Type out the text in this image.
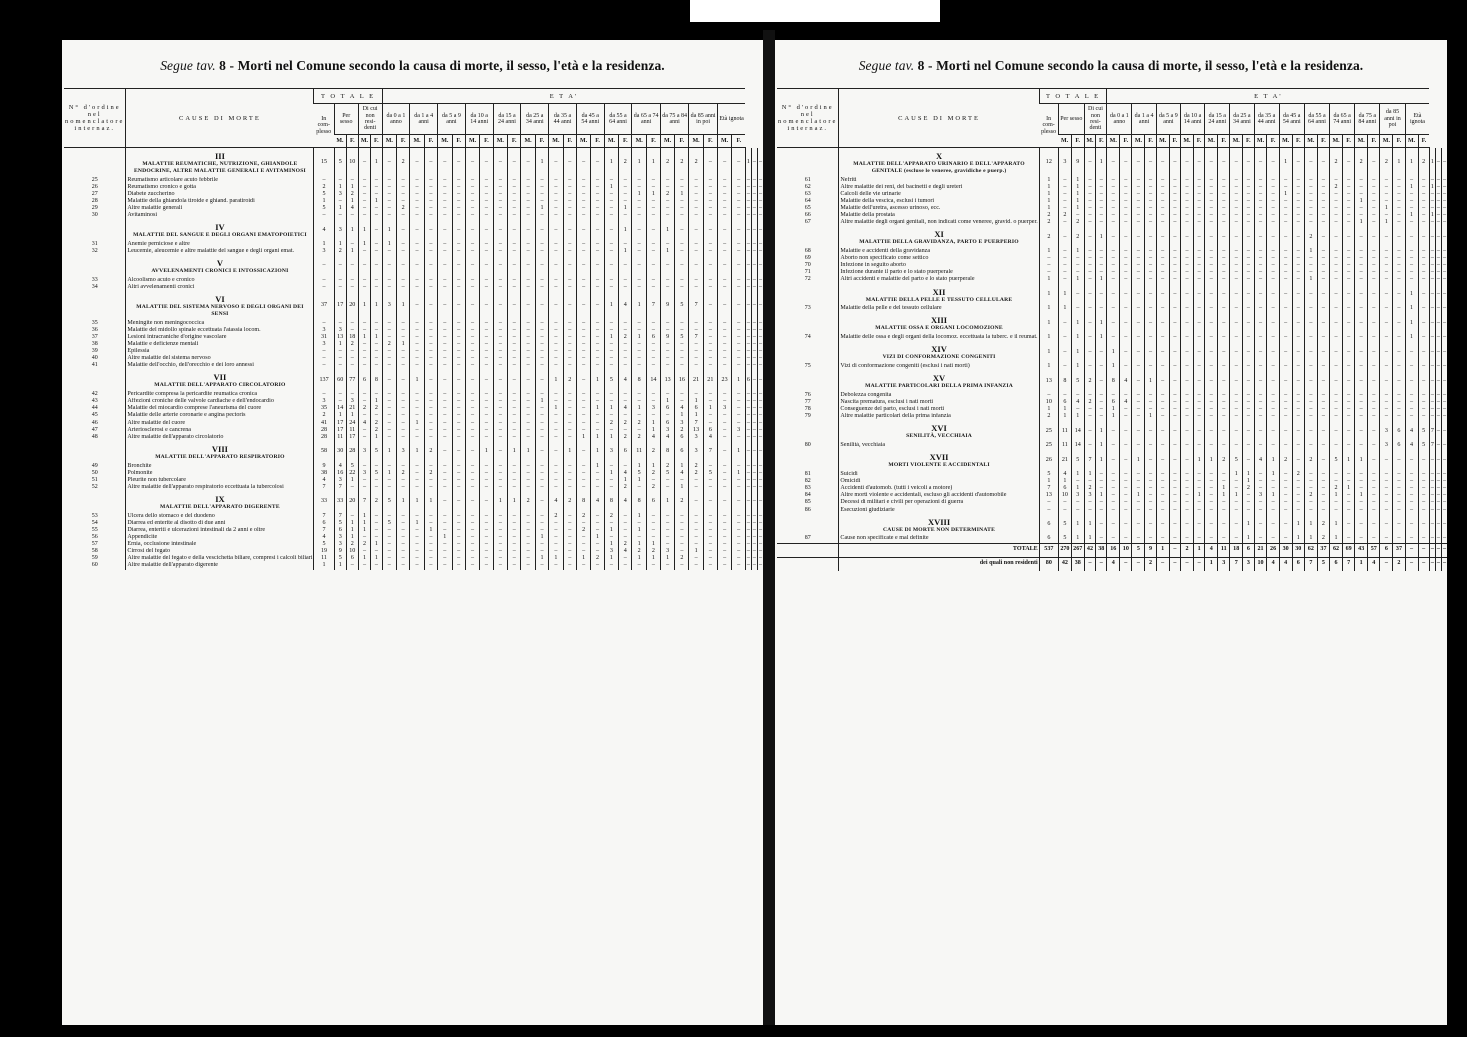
Segue tav. 8 - Morti nel Comune secondo la causa di morte, il sesso, l'età e la residenza.
N° d'ordine nel nomenclatore internaz.	CAUSE DI MORTE	T O T A L E					E T A'																												
		In com- plesso	Per sesso		Di cui non resi- denti		da 0 a 1 anno		da 1 a 4 anni		da 5 a 9 anni		da 10 a 14 anni		da 15 a 24 anni		da 25 a 34 anni		da 35 a 44 anni		da 45 a 54 anni		da 55 a 64 anni		da 65 a 74 anni		da 75 a 84 anni		da 85 anni in poi		Età ignota				
			M.	F.	M.	F.	M.	F.	M.	F.	M.	F.	M.	F.	M.	F.	M.	F.	M.	F.	M.	F.	M.	F.	M.	F.	M.	F.	M.	F.	M.	F.			

	III
MALATTIE REUMATICHE, NUTRIZIONE, GHIANDOLE ENDOCRINE, ALTRE MALATTIE GENERALI E AVITAMINOSI	15	5	10	–	1	–	2	–	–	–	–	–	–	–	–	–	1	–	–	–	–	1	2	1	1	2	2	2	–	–	–	1	–	–
25	Reumatismo articolare acuto febbrile	–	–	–	–	–	–	–	–	–	–	–	–	–	–	–	–	–	–	–	–	–	–	–	–	–	–	–	–	–	–	–	–	–	–
26	Reumatismo cronico e gotta	2	1	1	–	–	–	–	–	–	–	–	–	–	–	–	–	–	–	–	–	–	1	–	–	–	–	–	–	–	–	–	–	–	–
27	Diabete zuccherino	5	3	2	–	–	–	–	–	–	–	–	–	–	–	–	–	–	–	–	–	–	–	–	1	1	2	1	–	–	–	–	–	–	–
28	Malattie della ghiandola tiroide e ghiand. paratiroidi	1	–	1	–	1	–	–	–	–	–	–	–	–	–	–	–	–	–	–	–	–	–	–	–	–	–	–	–	–	–	–	–	–	–
29	Altre malattie generali	5	1	4	–	–	–	2	–	–	–	–	–	–	–	–	–	1	–	–	–	–	–	1	–	–	–	–	–	–	–	–	–	–	–
30	Avitaminosi	–	–	–	–	–	–	–	–	–	–	–	–	–	–	–	–	–	–	–	–	–	–	–	–	–	–	–	–	–	–	–	–	–	–

	IV
MALATTIE DEL SANGUE E DEGLI ORGANI EMATOPOIETICI	4	3	1	1	–	1	–	–	–	–	–	–	–	–	–	–	–	–	–	–	–	–	1	–	–	1	–	–	–	–	–	–	–	–
31	Anemie perniciose e altre	1	1	–	1	–	1	–	–	–	–	–	–	–	–	–	–	–	–	–	–	–	–	–	–	–	–	–	–	–	–	–	–	–	–
32	Leucemie, aleucemie e altre malattie del sangue e degli organi emat.	3	2	1	–	–	–	–	–	–	–	–	–	–	–	–	–	–	–	–	–	–	–	1	–	–	1	–	–	–	–	–	–	–	–

	V
AVVELENAMENTI CRONICI E INTOSSICAZIONI	–	–	–	–	–	–	–	–	–	–	–	–	–	–	–	–	–	–	–	–	–	–	–	–	–	–	–	–	–	–	–	–	–	–
33	Alcoolismo acuto e cronico	–	–	–	–	–	–	–	–	–	–	–	–	–	–	–	–	–	–	–	–	–	–	–	–	–	–	–	–	–	–	–	–	–	–
34	Altri avvelenamenti cronici	–	–	–	–	–	–	–	–	–	–	–	–	–	–	–	–	–	–	–	–	–	–	–	–	–	–	–	–	–	–	–	–	–	–

	VI
MALATTIE DEL SISTEMA NERVOSO E DEGLI ORGANI DEI SENSI	37	17	20	1	1	3	1	–	–	–	–	–	–	–	–	–	–	–	–	–	–	1	4	1	7	9	5	7	–	–	–	–	–	–
35	Meningite non meningococcica	–	–	–	–	–	–	–	–	–	–	–	–	–	–	–	–	–	–	–	–	–	–	–	–	–	–	–	–	–	–	–	–	–	–
36	Malattie del midollo spinale eccettuata l'atassia locom.	3	3	–	–	–	–	–	–	–	–	–	–	–	–	–	–	–	–	–	–	–	–	–	–	–	–	–	–	–	–	–	–	–	–
37	Lesioni intracraniche d'origine vascolare	31	13	18	1	1	–	–	–	–	–	–	–	–	–	–	–	–	–	–	–	–	1	2	1	6	9	5	7	–	–	–	–	–	–
38	Malattie e deficienze mentali	3	1	2	–	–	2	1	–	–	–	–	–	–	–	–	–	–	–	–	–	–	–	–	–	–	–	–	–	–	–	–	–	–	–
39	Epilessia	–	–	–	–	–	–	–	–	–	–	–	–	–	–	–	–	–	–	–	–	–	–	–	–	–	–	–	–	–	–	–	–	–	–
40	Altre malattie del sistema nervoso	–	–	–	–	–	–	–	–	–	–	–	–	–	–	–	–	–	–	–	–	–	–	–	–	–	–	–	–	–	–	–	–	–	–
41	Malattie dell'occhio, dell'orecchio e dei loro annessi	–	–	–	–	–	–	–	–	–	–	–	–	–	–	–	–	–	–	–	–	–	–	–	–	–	–	–	–	–	–	–	–	–	–

	VII
MALATTIE DELL'APPARATO CIRCOLATORIO	137	60	77	6	8	–	–	1	–	–	–	–	–	–	–	–	–	1	2	–	1	5	4	8	14	13	16	21	21	23	1	6	–	–
42	Pericardite compresa la pericardite reumatica cronica	–	–	–	–	–	–	–	–	–	–	–	–	–	–	–	–	–	–	–	–	–	–	–	–	–	–	–	–	–	–	–	–	–	–
43	Affezioni croniche delle valvole cardiache e dell'endocardio	3	–	3	–	1	–	–	–	–	–	–	–	–	–	–	–	1	–	–	–	–	–	–	–	–	1	–	1	–	–	–	–	–	–
44	Malattie del miocardio comprese l'aneurisma del cuore	35	14	21	2	2	–	–	–	–	–	–	–	–	–	–	–	–	1	–	–	1	1	4	1	3	6	4	6	1	3	–	–	–	–
45	Malattie delle arterie coronarie e angina pectoris	2	1	1	–	–	–	–	–	–	–	–	–	–	–	–	–	–	–	–	–	–	–	–	–	–	–	1	1	–	–	–	–	–	–
46	Altre malattie del cuore	41	17	24	4	2	–	–	1	–	–	–	–	–	–	–	–	–	–	–	–	–	2	2	2	1	6	3	7	–	–	–	–	–	–
47	Arteriosclerosi e cancrena	28	17	11	–	2	–	–	–	–	–	–	–	–	–	–	–	–	–	–	–	–	–	–	–	1	3	2	13	6	–	3	–	–	–
48	Altre malattie dell'apparato circolatorio	28	11	17	–	1	–	–	–	–	–	–	–	–	–	–	–	–	–	–	1	1	1	2	2	4	4	6	3	4	–	–	–	–	–

	VIII
MALATTIE DELL'APPARATO RESPIRATORIO	58	30	28	3	5	1	3	1	2	–	–	–	1	–	1	1	–	–	1	–	1	3	6	11	2	8	6	3	7	–	1	–	–	–
49	Bronchite	9	4	5	–	–	–	–	–	–	–	–	–	–	–	–	–	–	–	–	–	1	–	–	1	1	2	1	2	–	–	–	–	–	–
50	Polmonite	38	16	22	3	5	1	2	–	2	–	–	–	–	–	–	–	–	–	–	–	–	1	4	5	2	5	4	2	5	–	1	–	–	–
51	Pleurite non tubercolare	4	3	1	–	–	–	–	–	–	–	–	–	–	–	–	–	–	–	–	–	–	–	1	1	–	–	–	–	–	–	–	–	–	–
52	Altre malattie dell'apparato respiratorio eccettuata la tubercolosi	7	7	–	–	–	–	–	–	–	–	–	–	–	–	–	–	–	–	–	–	–	–	2	–	2	–	1	–	–	–	–	–	–	–

	IX
MALATTIE DELL'APPARATO DIGERENTE	33	33	20	7	2	5	1	1	1	–	–	–	–	1	1	2	–	4	2	8	4	8	4	8	6	1	2	–	–	–	–	–	–	–
53	Ulcera dello stomaco e del duodeno	7	7	–	1	–	–	–	–	–	–	–	–	–	–	–	–	–	2	–	2	–	2	–	1	–	–	–	–	–	–	–	–	–	–
54	Diarrea ed enterite al disotto di due anni	6	5	1	1	–	5	–	1	–	–	–	–	–	–	–	–	–	–	–	–	–	–	–	–	–	–	–	–	–	–	–	–	–	–
55	Diarrea, enteriti e ulcerazioni intestinali da 2 anni e oltre	7	6	1	1	–	–	–	–	1	–	–	–	–	–	–	–	–	–	–	2	–	1	–	1	–	–	–	–	–	–	–	–	–	–
56	Appendicite	4	3	1	–	–	–	–	–	–	1	–	–	–	–	–	–	1	–	–	–	1	–	–	–	–	–	–	–	–	–	–	–	–	–
57	Ernia, occlusione intestinale	5	3	2	2	1	–	–	–	–	–	–	–	–	–	–	–	–	–	–	–	–	1	2	1	1	–	–	–	–	–	–	–	–	–
58	Cirrosi del fegato	19	9	10	–	–	–	–	–	–	–	–	–	–	–	–	–	–	–	–	–	–	3	4	2	2	3	–	1	–	–	–	–	–	–
59	Altre malattie del fegato e della vescichetta biliare, compresi i calcoli biliari	11	5	6	1	1	–	–	–	–	–	–	–	–	–	–	–	1	1	–	1	2	1	–	1	1	1	2	–	–	–	–	–	–	–
60	Altre malattie dell'apparato digerente	1	1	–	–	–	–	–	–	–	–	–	–	–	–	–	–	–	–	–	–	–	–	–	–	–	–	–	–	–	–	–	–	–	–
Segue tav. 8 - Morti nel Comune secondo la causa di morte, il sesso, l'età e la residenza.
N° d'ordine nel nomenclatore internaz.	CAUSE DI MORTE	T O T A L E					E T A'																												
		In com- plesso	Per sesso		Di cui non resi- denti		da 0 a 1 anno		da 1 a 4 anni		da 5 a 9 anni		da 10 a 14 anni		da 15 a 24 anni		da 25 a 34 anni		da 35 a 44 anni		da 45 a 54 anni		da 55 a 64 anni		da 65 a 74 anni		da 75 a 84 anni		da 85 anni in poi		Età ignota				
			M.	F.	M.	F.	M.	F.	M.	F.	M.	F.	M.	F.	M.	F.	M.	F.	M.	F.	M.	F.	M.	F.	M.	F.	M.	F.	M.	F.	M.	F.			

	X
MALATTIE DELL'APPARATO URINARIO E DELL'APPARATO GENITALE (escluse le veneree, gravidiche e puerp.)	12	3	9	–	1	–	–	–	–	–	–	–	–	–	–	–	–	–	–	1	–	–	–	2	–	2	–	2	1	1	2	1	–	–
61	Nefriti	1	–	1	–	–	–	–	–	–	–	–	–	–	–	–	–	–	–	–	–	–	–	–	–	–	–	–	–	–	–	–	–	–	–
62	Altre malattie dei reni, del bacinetti e degli ureteri	1	–	1	–	–	–	–	–	–	–	–	–	–	–	–	–	–	–	–	–	–	–	–	2	–	–	–	–	–	1	–	1	–	–
63	Calcoli delle vie urinarie	1	–	1	–	–	–	–	–	–	–	–	–	–	–	–	–	–	–	–	1	–	–	–	–	–	–	–	–	–	–	–	–	–	–
64	Malattie della vescica, esclusi i tumori	1	–	1	–	–	–	–	–	–	–	–	–	–	–	–	–	–	–	–	–	–	–	–	–	–	1	–	–	–	–	–	–	–	–
65	Malattie dell'uretra, ascesso urinoso, ecc.	1	–	1	–	–	–	–	–	–	–	–	–	–	–	–	–	–	–	–	–	–	–	–	–	–	–	–	1	–	–	–	–	–	–
66	Malattie della prostata	2	2	–	–	–	–	–	–	–	–	–	–	–	–	–	–	–	–	–	–	–	–	–	–	–	–	–	–	–	1	–	1	–	–
67	Altre malattie degli organi genitali, non indicati come veneree, gravid. o puerper.	2	–	2	–	–	–	–	–	–	–	–	–	–	–	–	–	–	–	–	–	–	–	–	–	–	1	–	1	–	–	–	–	–	–

	XI
MALATTIE DELLA GRAVIDANZA, PARTO E PUERPERIO	2	–	2	–	1	–	–	–	–	–	–	–	–	–	–	–	–	–	–	–	–	2	–	–	–	–	–	–	–	–	–	–	–	–
68	Malattie e accidenti della gravidanza	1	–	1	–	–	–	–	–	–	–	–	–	–	–	–	–	–	–	–	–	–	1	–	–	–	–	–	–	–	–	–	–	–	–
69	Aborto non specificato come settico	–	–	–	–	–	–	–	–	–	–	–	–	–	–	–	–	–	–	–	–	–	–	–	–	–	–	–	–	–	–	–	–	–	–
70	Infezione in seguito aborto	–	–	–	–	–	–	–	–	–	–	–	–	–	–	–	–	–	–	–	–	–	–	–	–	–	–	–	–	–	–	–	–	–	–
71	Infezione durante il parto e lo stato puerperale	–	–	–	–	–	–	–	–	–	–	–	–	–	–	–	–	–	–	–	–	–	–	–	–	–	–	–	–	–	–	–	–	–	–
72	Altri accidenti e malattie del parto e lo stato puerperale	1	–	1	–	1	–	–	–	–	–	–	–	–	–	–	–	–	–	–	–	–	1	–	–	–	–	–	–	–	–	–	–	–	–

	XII
MALATTIE DELLA PELLE E TESSUTO CELLULARE	1	1	–	–	–	–	–	–	–	–	–	–	–	–	–	–	–	–	–	–	–	–	–	–	–	–	–	–	–	1	–	–	–	–
73	Malattie della pelle e del tessuto cellulare	1	1	–	–	–	–	–	–	–	–	–	–	–	–	–	–	–	–	–	–	–	–	–	–	–	–	–	–	–	1	–	–	–	–

	XIII
MALATTIE OSSA E ORGANI LOCOMOZIONE	1	–	1	–	1	–	–	–	–	–	–	–	–	–	–	–	–	–	–	–	–	–	–	–	–	–	–	–	–	1	–	–	–	–
74	Malattie delle ossa e degli organi della locomoz. eccettuata la tuberc. e il reumat.	1	–	1	–	1	–	–	–	–	–	–	–	–	–	–	–	–	–	–	–	–	–	–	–	–	–	–	–	–	1	–	–	–	–

	XIV
VIZI DI CONFORMAZIONE CONGENITI	1	–	1	–	–	1	–	–	–	–	–	–	–	–	–	–	–	–	–	–	–	–	–	–	–	–	–	–	–	–	–	–	–	–
75	Vizi di conformazione congeniti (esclusi i nati morti)	1	–	1	–	–	1	–	–	–	–	–	–	–	–	–	–	–	–	–	–	–	–	–	–	–	–	–	–	–	–	–	–	–	–

	XV
MALATTIE PARTICOLARI DELLA PRIMA INFANZIA	13	8	5	2	–	8	4	–	1	–	–	–	–	–	–	–	–	–	–	–	–	–	–	–	–	–	–	–	–	–	–	–	–	–
76	Debolezza congenita	–	–	–	–	–	–	–	–	–	–	–	–	–	–	–	–	–	–	–	–	–	–	–	–	–	–	–	–	–	–	–	–	–	–
77	Nascita prematura, esclusi i nati morti	10	6	4	2	–	6	4	–	–	–	–	–	–	–	–	–	–	–	–	–	–	–	–	–	–	–	–	–	–	–	–	–	–	–
78	Conseguenze del parto, esclusi i nati morti	1	1	–	–	–	1	–	–	–	–	–	–	–	–	–	–	–	–	–	–	–	–	–	–	–	–	–	–	–	–	–	–	–	–
79	Altre malattie particolari della prima infanzia	2	1	1	–	–	1	–	–	1	–	–	–	–	–	–	–	–	–	–	–	–	–	–	–	–	–	–	–	–	–	–	–	–	–

	XVI
SENILITÀ, VECCHIAIA	25	11	14	–	1	–	–	–	–	–	–	–	–	–	–	–	–	–	–	–	–	–	–	–	–	–	–	3	6	4	5	7	–	–
80	Senilità, vecchiaia	25	11	14	–	1	–	–	–	–	–	–	–	–	–	–	–	–	–	–	–	–	–	–	–	–	–	–	3	6	4	5	7	–	–

	XVII
MORTI VIOLENTE E ACCIDENTALI	26	21	5	7	1	–	–	1	–	–	–	–	1	1	2	5	–	4	1	2	–	2	–	5	1	1	–	–	–	–	–	–	–	–
81	Suicidi	5	4	1	1	–	–	–	–	–	–	–	–	–	–	–	1	1	–	1	–	2	–	–	–	–	–	–	–	–	–	–	–	–	–
82	Omicidi	1	1	–	–	–	–	–	–	–	–	–	–	–	–	–	–	1	–	–	–	–	–	–	–	–	–	–	–	–	–	–	–	–	–
83	Accidenti d'automob. (tutti i veicoli a motore)	7	6	1	2	–	–	–	–	–	–	–	–	–	–	1	–	2	–	–	–	–	–	–	2	1	–	–	–	–	–	–	–	–	–
84	Altre morti violente e accidentali, escluso gli accidenti d'automobile	13	10	3	3	1	–	–	1	–	–	–	–	1	–	1	1	–	3	1	–	–	2	–	1	–	1	–	–	–	–	–	–	–	–
85	Decessi di militari e civili per operazioni di guerra	–	–	–	–	–	–	–	–	–	–	–	–	–	–	–	–	–	–	–	–	–	–	–	–	–	–	–	–	–	–	–	–	–	–
86	Esecuzioni giudiziarie	–	–	–	–	–	–	–	–	–	–	–	–	–	–	–	–	–	–	–	–	–	–	–	–	–	–	–	–	–	–	–	–	–	–

	XVIII
CAUSE DI MORTE NON DETERMINATE	6	5	1	1	–	–	–	–	–	–	–	–	–	–	–	–	1	–	–	–	1	1	2	1	–	–	–	–	–	–	–	–	–	–
87	Cause non specificate e mal definite	6	5	1	1	–	–	–	–	–	–	–	–	–	–	–	–	1	–	–	–	1	1	2	1	–	–	–	–	–	–	–	–	–	–
	TOTALE	537	270	267	42	38	16	10	5	9	1	–	2	1	4	11	18	6	21	26	30	30	62	37	62	69	43	57	6	37	–	–	–	–	–
	dei quali non residenti	80	42	38	–	–	4	–	–	2	–	–	–	–	1	3	7	3	10	4	4	6	7	5	6	7	1	4	–	2	–	–	–	–	–
